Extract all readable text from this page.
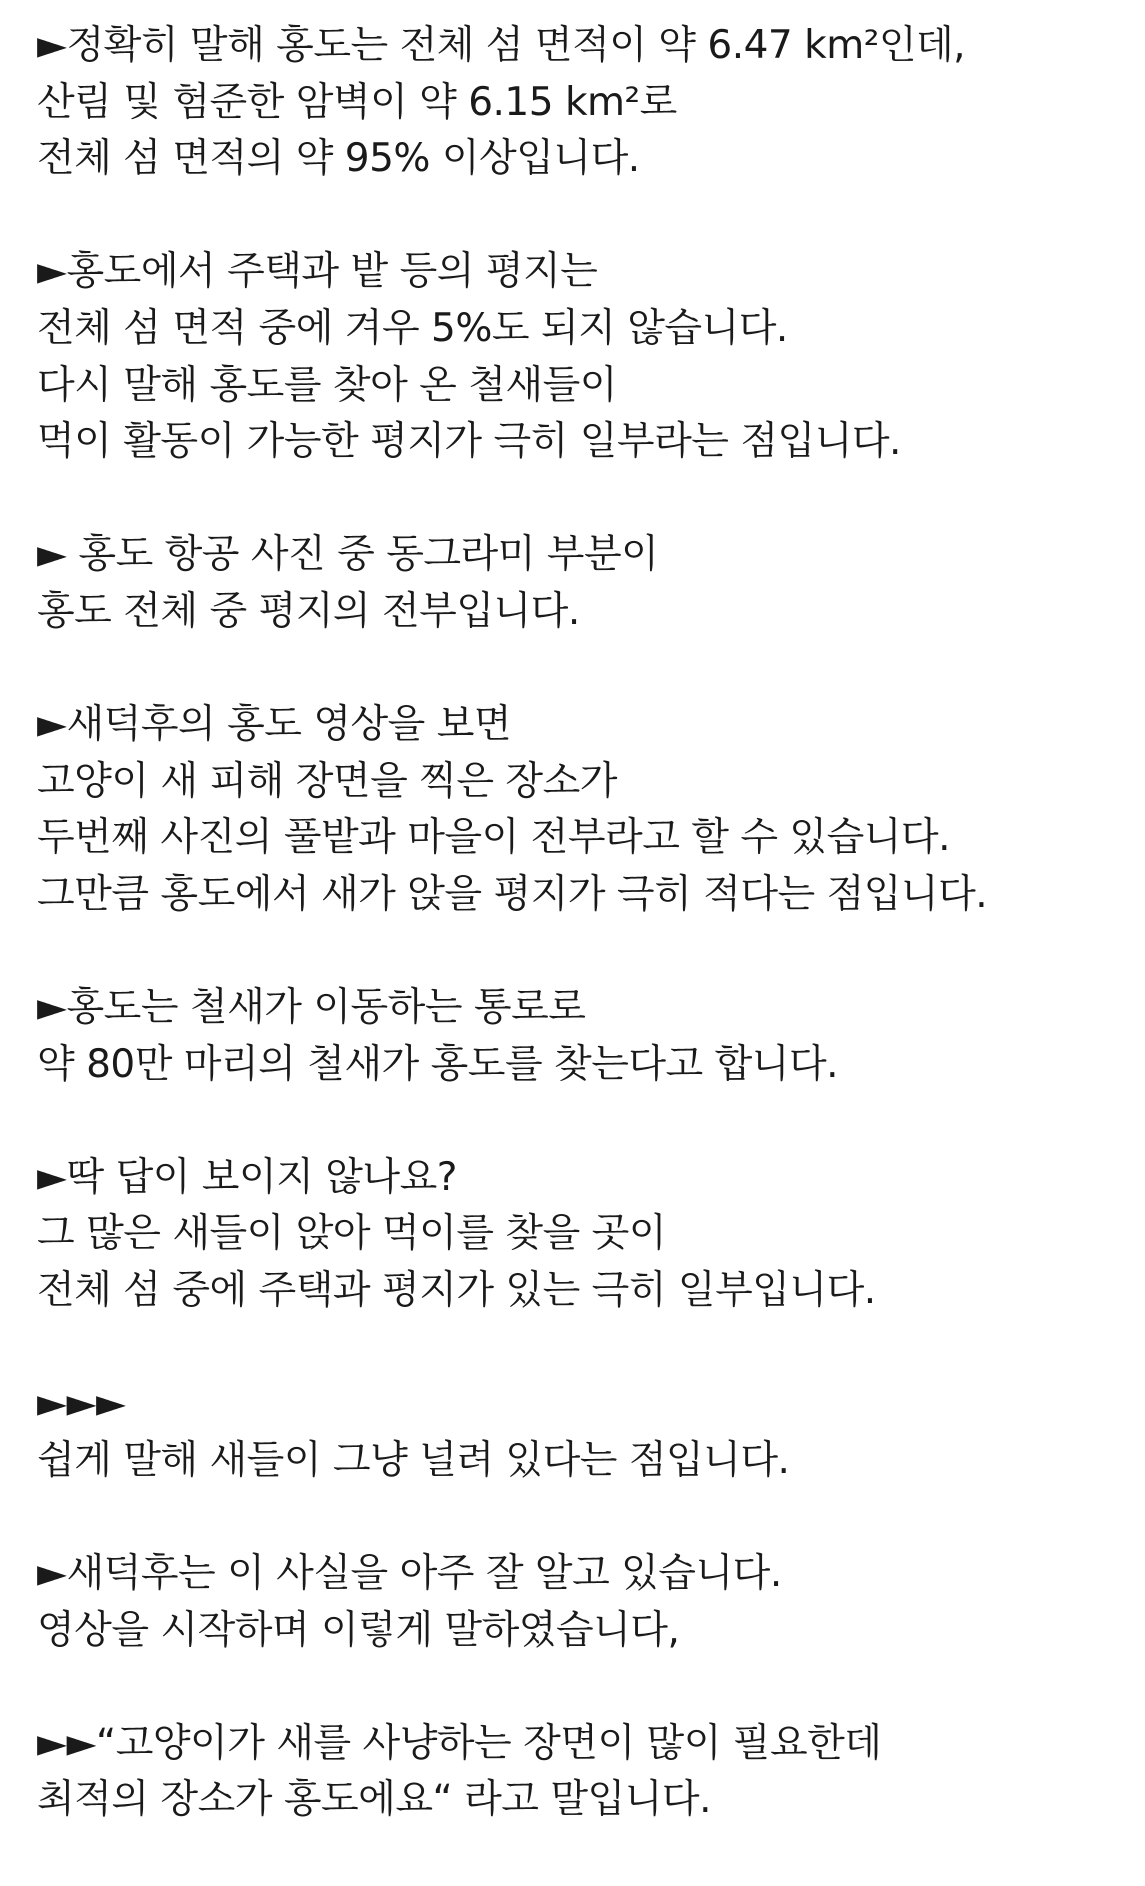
►정확히 말해 홍도는 전체 섬 면적이 약 6.47 km²인데,
산림 및 험준한 암벽이 약 6.15 km²로
전체 섬 면적의 약 95% 이상입니다.
►홍도에서 주택과 밭 등의 평지는
전체 섬 면적 중에 겨우 5%도 되지 않습니다.
다시 말해 홍도를 찾아 온 철새들이
먹이 활동이 가능한 평지가 극히 일부라는 점입니다.
► 홍도 항공 사진 중 동그라미 부분이
홍도 전체 중 평지의 전부입니다.
►새덕후의 홍도 영상을 보면
고양이 새 피해 장면을 찍은 장소가
두번째 사진의 풀밭과 마을이 전부라고 할 수 있습니다.
그만큼 홍도에서 새가 앉을 평지가 극히 적다는 점입니다.
►홍도는 철새가 이동하는 통로로
약 80만 마리의 철새가 홍도를 찾는다고 합니다.
►딱 답이 보이지 않나요?
그 많은 새들이 앉아 먹이를 찾을 곳이
전체 섬 중에 주택과 평지가 있는 극히 일부입니다.
►►►
쉽게 말해 새들이 그냥 널려 있다는 점입니다.
►새덕후는 이 사실을 아주 잘 알고 있습니다.
영상을 시작하며 이렇게 말하였습니다,
►►“고양이가 새를 사냥하는 장면이 많이 필요한데
최적의 장소가 홍도에요“ 라고 말입니다.
